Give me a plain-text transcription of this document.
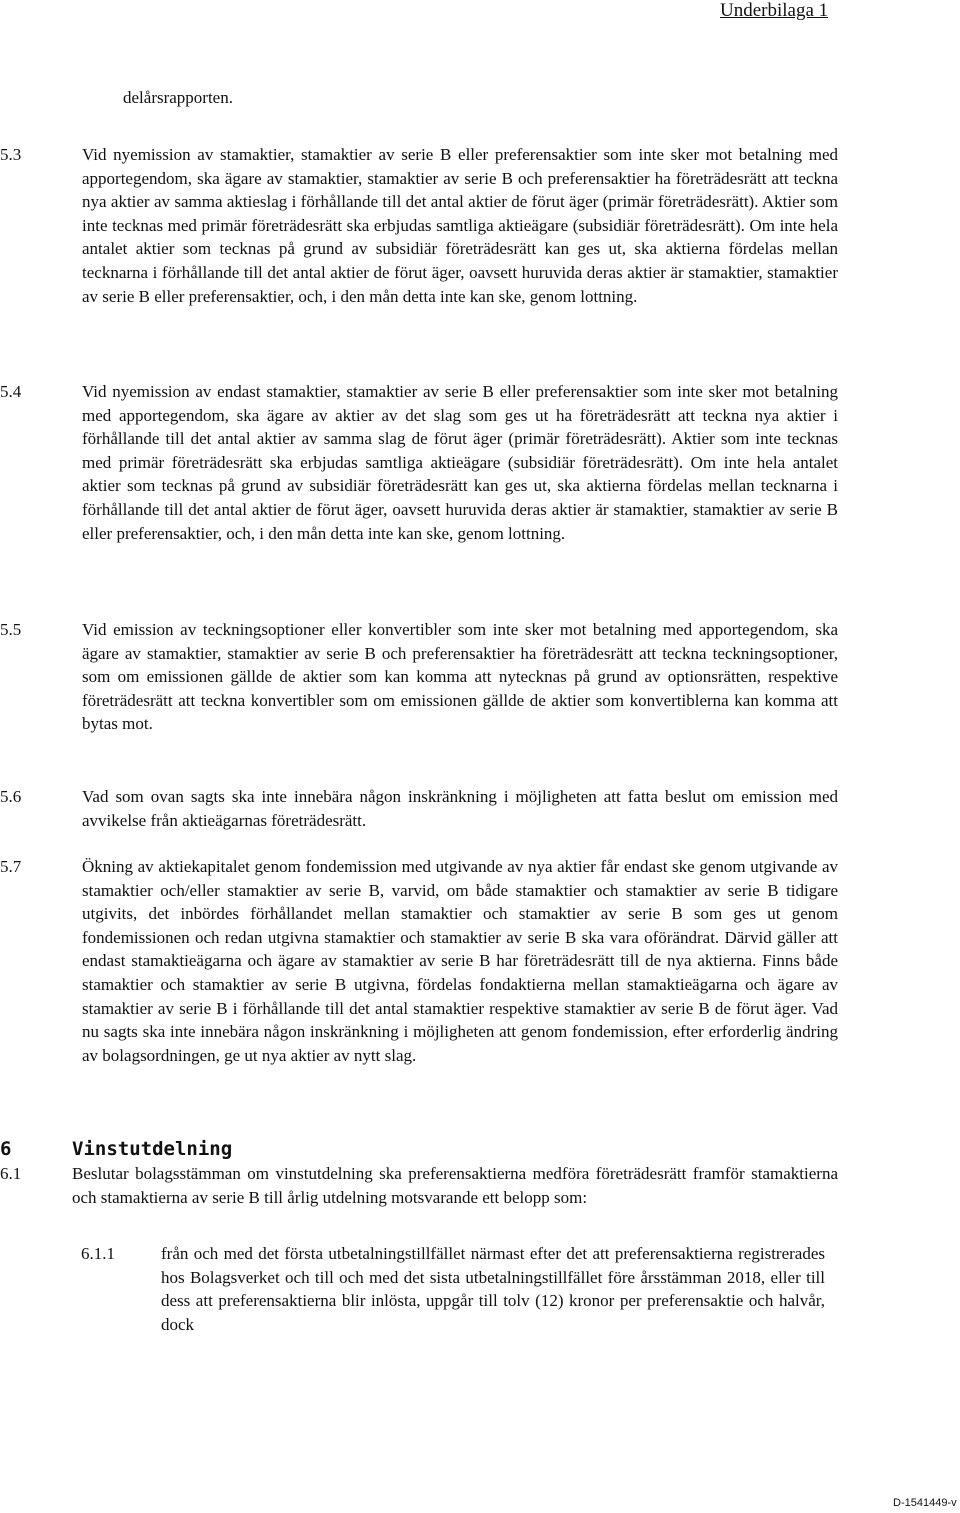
Underbilaga 1
delårsrapporten.
5.3	Vid nyemission av stamaktier, stamaktier av serie B eller preferensaktier som inte sker mot betalning med apportegendom, ska ägare av stamaktier, stamaktier av serie B och preferensaktier ha företrädesrätt att teckna nya aktier av samma aktieslag i förhållande till det antal aktier de förut äger (primär företrädesrätt). Aktier som inte tecknas med primär företrädesrätt ska erbjudas samtliga aktieägare (subsidiär företrädesrätt). Om inte hela antalet aktier som tecknas på grund av subsidiär företrädesrätt kan ges ut, ska aktierna fördelas mellan tecknarna i förhållande till det antal aktier de förut äger, oavsett huruvida deras aktier är stamaktier, stamaktier av serie B eller preferensaktier, och, i den mån detta inte kan ske, genom lottning.
5.4	Vid nyemission av endast stamaktier, stamaktier av serie B eller preferensaktier som inte sker mot betalning med apportegendom, ska ägare av aktier av det slag som ges ut ha företrädesrätt att teckna nya aktier i förhållande till det antal aktier av samma slag de förut äger (primär företrädesrätt). Aktier som inte tecknas med primär företrädesrätt ska erbjudas samtliga aktieägare (subsidiär företrädesrätt). Om inte hela antalet aktier som tecknas på grund av subsidiär företrädesrätt kan ges ut, ska aktierna fördelas mellan tecknarna i förhållande till det antal aktier de förut äger, oavsett huruvida deras aktier är stamaktier, stamaktier av serie B eller preferensaktier, och, i den mån detta inte kan ske, genom lottning.
5.5	Vid emission av teckningsoptioner eller konvertibler som inte sker mot betalning med apportegendom, ska ägare av stamaktier, stamaktier av serie B och preferensaktier ha företrädesrätt att teckna teckningsoptioner, som om emissionen gällde de aktier som kan komma att nytecknas på grund av optionsrätten, respektive företrädesrätt att teckna konvertibler som om emissionen gällde de aktier som konvertiblerna kan komma att bytas mot.
5.6	Vad som ovan sagts ska inte innebära någon inskränkning i möjligheten att fatta beslut om emission med avvikelse från aktieägarnas företrädesrätt.
5.7	Ökning av aktiekapitalet genom fondemission med utgivande av nya aktier får endast ske genom utgivande av stamaktier och/eller stamaktier av serie B, varvid, om både stamaktier och stamaktier av serie B tidigare utgivits, det inbördes förhållandet mellan stamaktier och stamaktier av serie B som ges ut genom fondemissionen och redan utgivna stamaktier och stamaktier av serie B ska vara oförändrat. Därvid gäller att endast stamaktieägarna och ägare av stamaktier av serie B har företrädesrätt till de nya aktierna. Finns både stamaktier och stamaktier av serie B utgivna, fördelas fondaktierna mellan stamaktieägarna och ägare av stamaktier av serie B i förhållande till det antal stamaktier respektive stamaktier av serie B de förut äger. Vad nu sagts ska inte innebära någon inskränkning i möjligheten att genom fondemission, efter erforderlig ändring av bolagsordningen, ge ut nya aktier av nytt slag.
6	Vinstutdelning
6.1	Beslutar bolagsstämman om vinstutdelning ska preferensaktierna medföra företrädesrätt framför stamaktierna och stamaktierna av serie B till årlig utdelning motsvarande ett belopp som:
6.1.1	från och med det första utbetalningstillfället närmast efter det att preferensaktierna registrerades hos Bolagsverket och till och med det sista utbetalningstillfället före årsstämman 2018, eller till dess att preferensaktierna blir inlösta, uppgår till tolv (12) kronor per preferensaktie och halvår, dock
D-1541449-v
